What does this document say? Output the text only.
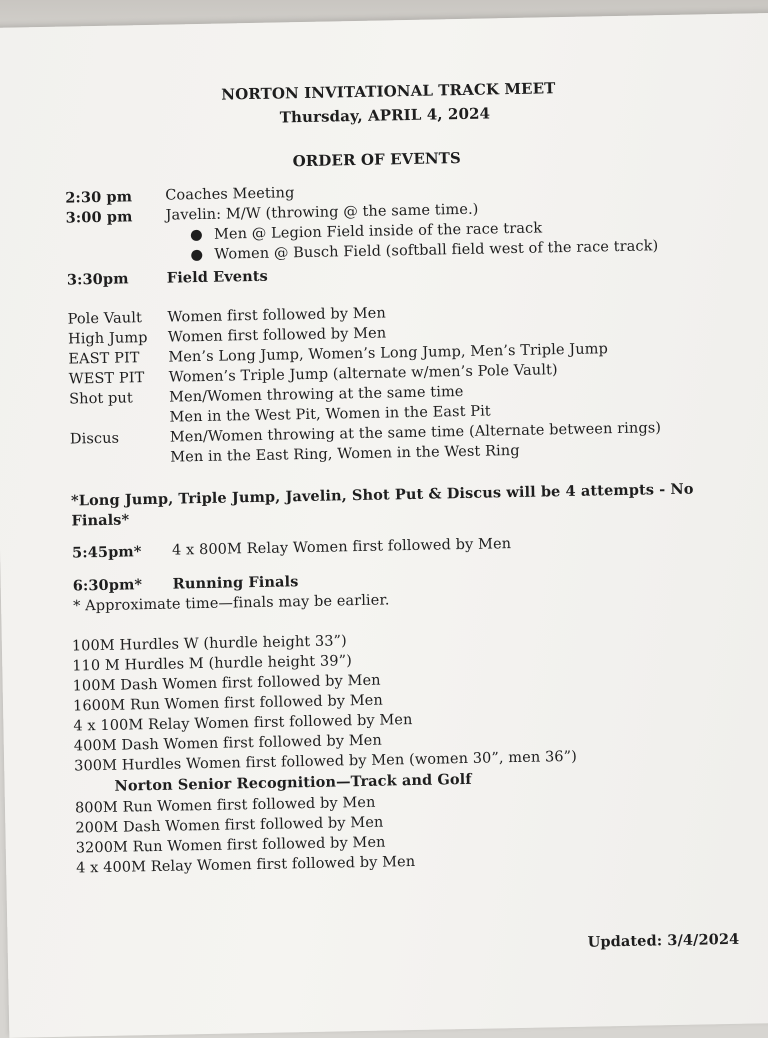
NORTON INVITATIONAL TRACK MEET
Thursday, APRIL 4, 2024
ORDER OF EVENTS
2:30 pm Coaches Meeting
3:00 pm Javelin: M/W (throwing @ the same time.)
● Men @ Legion Field inside of the race track
● Women @ Busch Field (softball field west of the race track)
3:30pm	Field Events
Pole Vault Women first followed by Men
High Jump Women first followed by Men
EAST PIT Men’s Long Jump, Women’s Long Jump, Men’s Triple Jump
WEST PIT Women’s Triple Jump (alternate w/men’s Pole Vault)
Shot put Men/Women throwing at the same time
Men in the West Pit, Women in the East Pit
Discus	Men/Women throwing at the same time (Alternate between rings)
Men in the East Ring, Women in the West Ring
*Long Jump, Triple Jump, Javelin, Shot Put & Discus will be 4 attempts - No
Finals*
5:45pm* 4 x 800M Relay Women first followed by Men
6:30pm* Running Finals
* Approximate time—finals may be earlier.
100M Hurdles W (hurdle height 33”)
110 M Hurdles M (hurdle height 39”)
100M Dash Women first followed by Men
1600M Run Women first followed by Men
4 x 100M Relay Women first followed by Men
400M Dash Women first followed by Men
300M Hurdles Women first followed by Men (women 30”, men 36”)
Norton Senior Recognition—Track and Golf
800M Run Women first followed by Men
200M Dash Women first followed by Men
3200M Run Women first followed by Men
4 x 400M Relay Women first followed by Men
Updated: 3/4/2024
